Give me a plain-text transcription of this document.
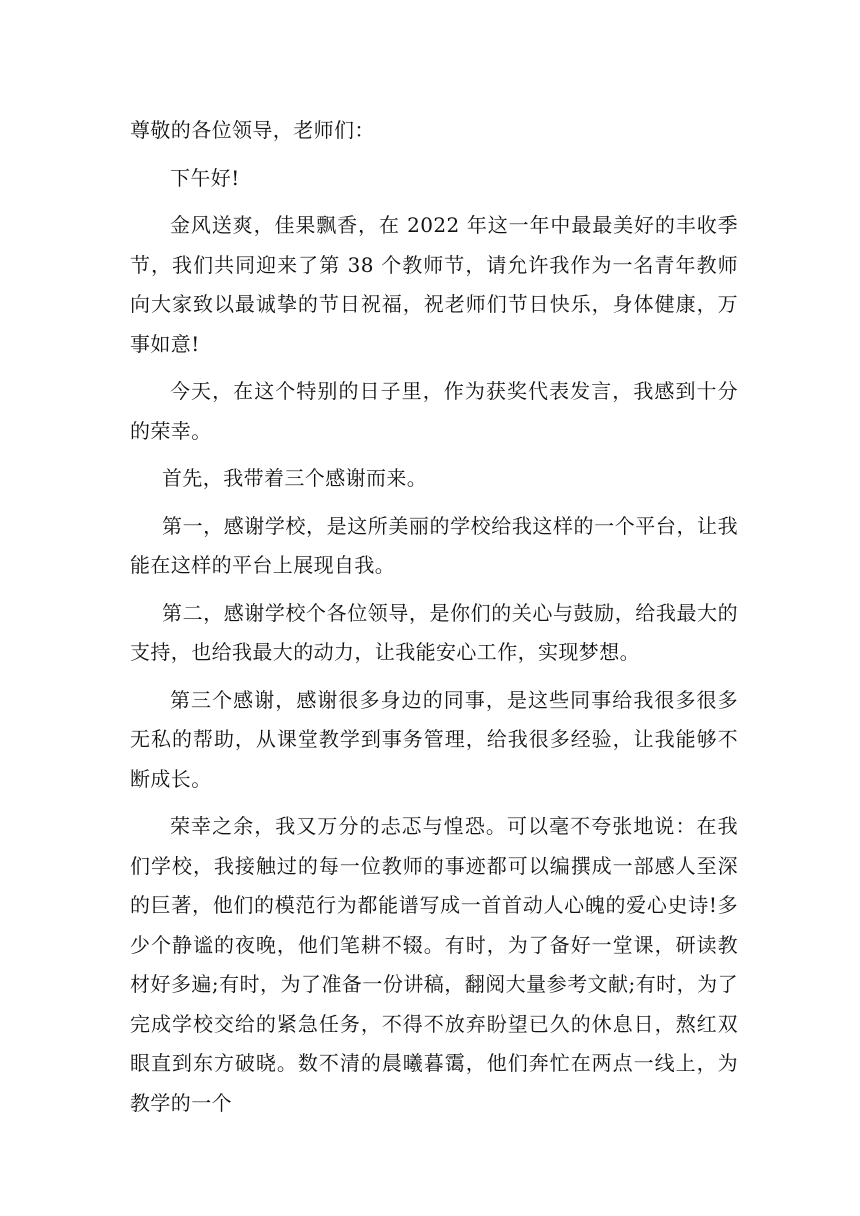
尊敬的各位领导，老师们：

下午好!

金风送爽，佳果飘香，在 2022 年这一年中最最美好的丰收季节，我们共同迎来了第 38 个教师节，请允许我作为一名青年教师向大家致以最诚挚的节日祝福，祝老师们节日快乐，身体健康，万事如意!

今天，在这个特别的日子里，作为获奖代表发言，我感到十分的荣幸。

首先，我带着三个感谢而来。

第一，感谢学校，是这所美丽的学校给我这样的一个平台，让我能在这样的平台上展现自我。

第二，感谢学校个各位领导，是你们的关心与鼓励，给我最大的支持，也给我最大的动力，让我能安心工作，实现梦想。

第三个感谢，感谢很多身边的同事，是这些同事给我很多很多无私的帮助，从课堂教学到事务管理，给我很多经验，让我能够不断成长。

荣幸之余，我又万分的忐忑与惶恐。可以毫不夸张地说：在我们学校，我接触过的每一位教师的事迹都可以编撰成一部感人至深的巨著，他们的模范行为都能谱写成一首首动人心魄的爱心史诗!多少个静谧的夜晚，他们笔耕不辍。有时，为了备好一堂课，研读教材好多遍;有时，为了准备一份讲稿，翻阅大量参考文献;有时，为了完成学校交给的紧急任务，不得不放弃盼望已久的休息日，熬红双眼直到东方破晓。数不清的晨曦暮霭，他们奔忙在两点一线上，为教学的一个
